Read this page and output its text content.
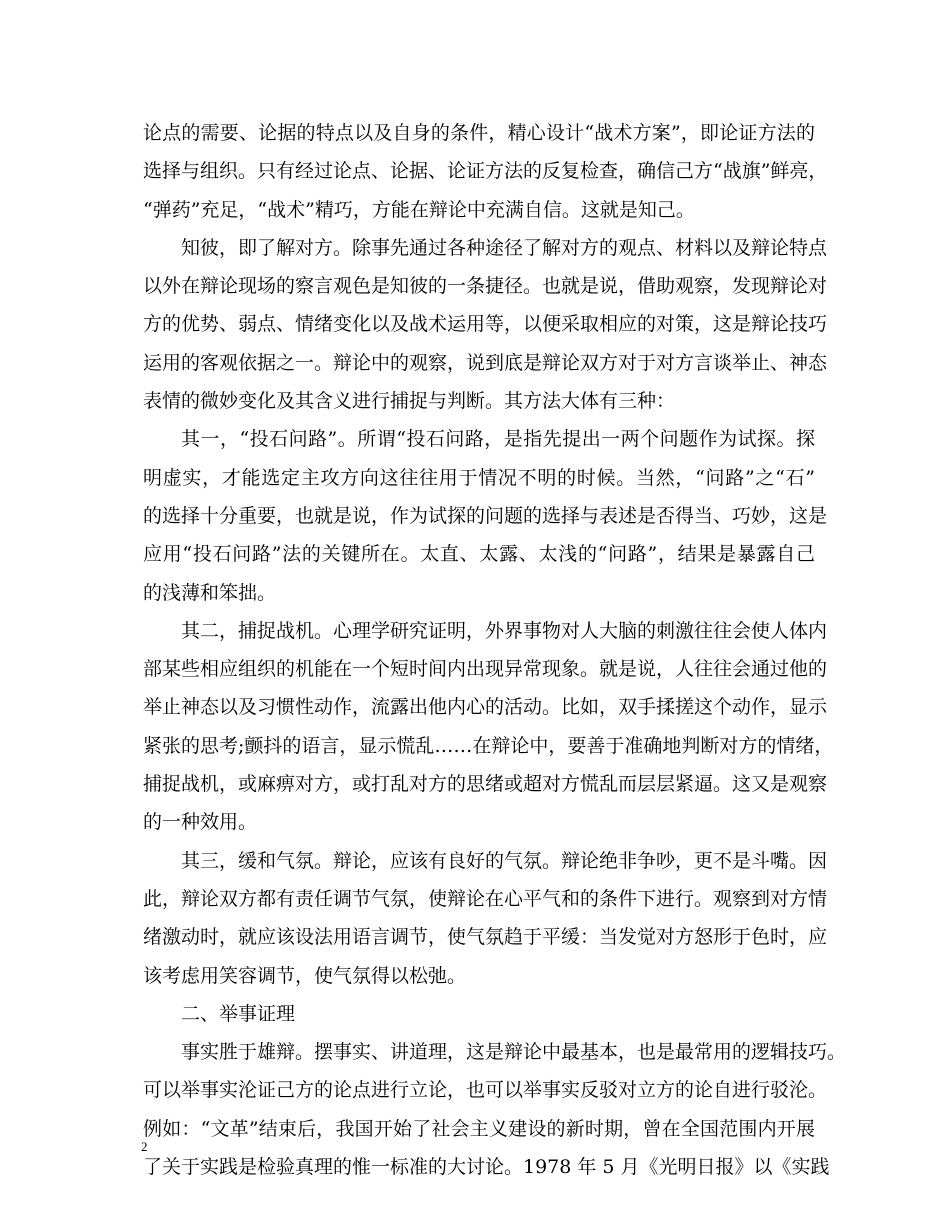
论点的需要、论据的特点以及自身的条件，精心设计“战术方案”，即论证方法的
选择与组织。只有经过论点、论据、论证方法的反复检查，确信己方“战旗”鲜亮，
“弹药”充足，“战术”精巧，方能在辩论中充满自信。这就是知己。
知彼，即了解对方。除事先通过各种途径了解对方的观点、材料以及辩论特点
以外在辩论现场的察言观色是知彼的一条捷径。也就是说，借助观察，发现辩论对
方的优势、弱点、情绪变化以及战术运用等，以便采取相应的对策，这是辩论技巧
运用的客观依据之一。辩论中的观察，说到底是辩论双方对于对方言谈举止、神态
表情的微妙变化及其含义进行捕捉与判断。其方法大体有三种：
其一，“投石问路”。所谓“投石问路，是指先提出一两个问题作为试探。探
明虚实，才能选定主攻方向这往往用于情况不明的时候。当然，“问路”之“石”
的选择十分重要，也就是说，作为试探的问题的选择与表述是否得当、巧妙，这是
应用“投石问路”法的关键所在。太直、太露、太浅的“问路”，结果是暴露自己
的浅薄和笨拙。
其二，捕捉战机。心理学研究证明，外界事物对人大脑的刺激往往会使人体内
部某些相应组织的机能在一个短时间内出现异常现象。就是说，人往往会通过他的
举止神态以及习惯性动作，流露出他内心的活动。比如，双手揉搓这个动作，显示
紧张的思考;颤抖的语言，显示慌乱……在辩论中，要善于准确地判断对方的情绪，
捕捉战机，或麻痹对方，或打乱对方的思绪或超对方慌乱而层层紧逼。这又是观察
的一种效用。
其三，缓和气氛。辩论，应该有良好的气氛。辩论绝非争吵，更不是斗嘴。因
此，辩论双方都有责任调节气氛，使辩论在心平气和的条件下进行。观察到对方情
绪激动时，就应该设法用语言调节，使气氛趋于平缓：当发觉对方怒形于色时，应
该考虑用笑容调节，使气氛得以松弛。
二、举事证理
事实胜于雄辩。摆事实、讲道理，这是辩论中最基本，也是最常用的逻辑技巧。
可以举事实沦证己方的论点进行立论，也可以举事实反驳对立方的论自进行驳沦。
例如：“文革”结束后，我国开始了社会主义建设的新时期，曾在全国范围内开展
了关于实践是检验真理的惟一标准的大讨论。1978 年 5 月《光明日报》以《实践
2
